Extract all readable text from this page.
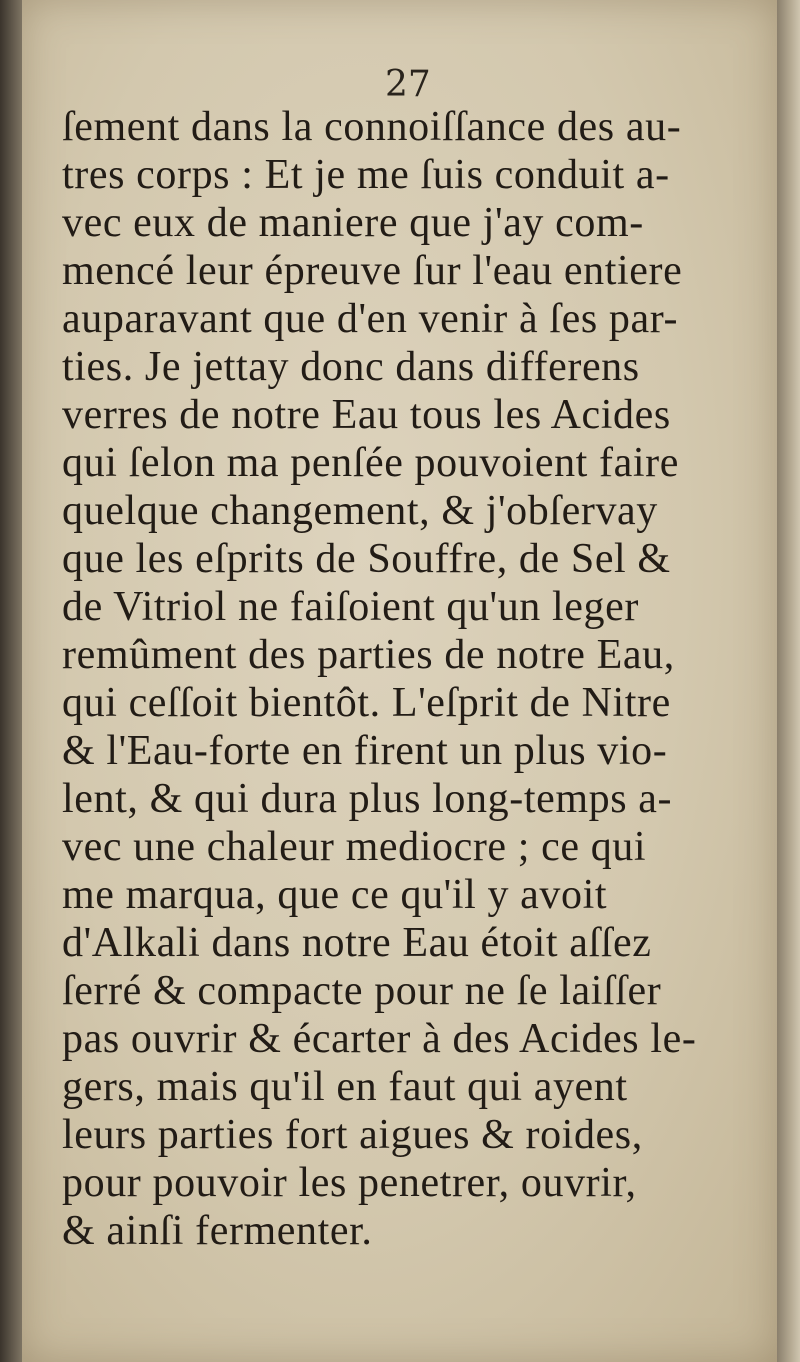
27
ſement dans la connoiſſance des au-
tres corps : Et je me ſuis conduit a-
vec eux de maniere que j'ay com-
mencé leur épreuve ſur l'eau entiere
auparavant que d'en venir à ſes par-
ties. Je jettay donc dans differens
verres de notre Eau tous les Acides
qui ſelon ma penſée pouvoient faire
quelque changement, & j'obſervay
que les eſprits de Souffre, de Sel &
de Vitriol ne faiſoient qu'un leger
remûment des parties de notre Eau,
qui ceſſoit bientôt. L'eſprit de Nitre
& l'Eau-forte en firent un plus vio-
lent, & qui dura plus long-temps a-
vec une chaleur mediocre ; ce qui
me marqua, que ce qu'il y avoit
d'Alkali dans notre Eau étoit aſſez
ſerré & compacte pour ne ſe laiſſer
pas ouvrir & écarter à des Acides le-
gers, mais qu'il en faut qui ayent
leurs parties fort aigues & roides,
pour pouvoir les penetrer, ouvrir,
& ainſi fermenter.
